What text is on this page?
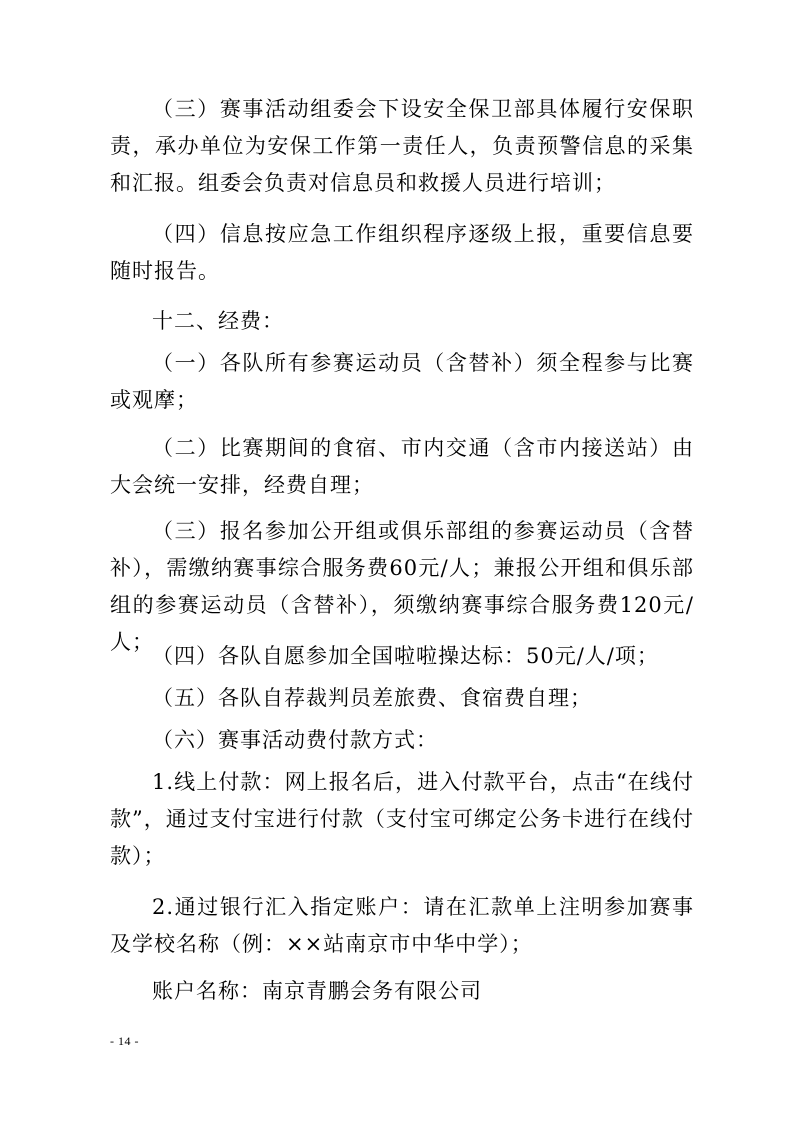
（三）赛事活动组委会下设安全保卫部具体履行安保职责，承办单位为安保工作第一责任人，负责预警信息的采集和汇报。组委会负责对信息员和救援人员进行培训；

（四）信息按应急工作组织程序逐级上报，重要信息要随时报告。

十二、经费：

（一）各队所有参赛运动员（含替补）须全程参与比赛或观摩；

（二）比赛期间的食宿、市内交通（含市内接送站）由大会统一安排，经费自理；

（三）报名参加公开组或俱乐部组的参赛运动员（含替补），需缴纳赛事综合服务费60元/人；兼报公开组和俱乐部组的参赛运动员（含替补），须缴纳赛事综合服务费120元/人；

（四）各队自愿参加全国啦啦操达标：50元/人/项；

（五）各队自荐裁判员差旅费、食宿费自理；

（六）赛事活动费付款方式：

1.线上付款：网上报名后，进入付款平台，点击“在线付款”，通过支付宝进行付款（支付宝可绑定公务卡进行在线付款）；

2.通过银行汇入指定账户：请在汇款单上注明参加赛事及学校名称（例：××站南京市中华中学）；

账户名称：南京青鹏会务有限公司

- 14 -
